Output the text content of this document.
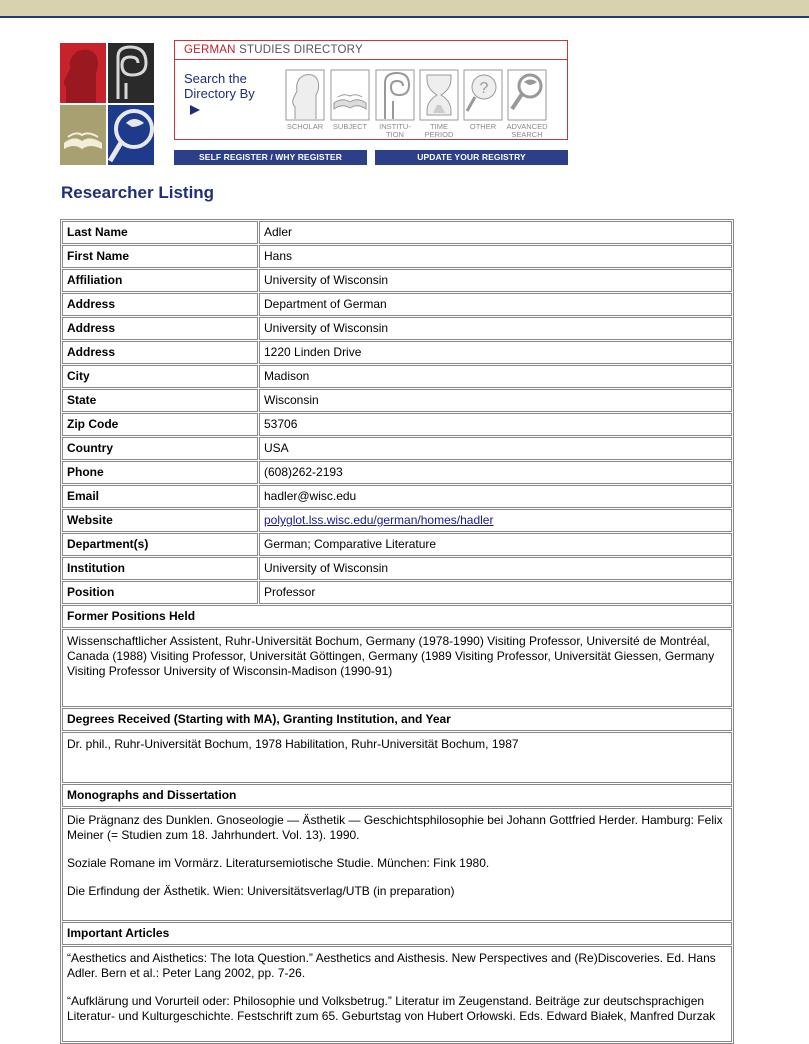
GERMAN STUDIES DIRECTORY
Search the Directory By
SCHOLAR	SUBJECT	INSTITU-
TION
TIME
PERIOD
?
OTHER	ADVANCED
SEARCH
SELF REGISTER / WHY REGISTER	UPDATE YOUR REGISTRY
Researcher Listing
Last Name	Adler
First Name	Hans
Affiliation	University of Wisconsin
Address	Department of German
Address	University of Wisconsin
Address	1220 Linden Drive
City	Madison
State	Wisconsin
Zip Code	53706
Country	USA
Phone	(608)262-2193
Email	hadler@wisc.edu
Website	polyglot.lss.wisc.edu/german/homes/hadler
Department(s)	German; Comparative Literature
Institution	University of Wisconsin
Position	Professor
Former Positions Held	

Wissenschaftlicher Assistent, Ruhr-Universität Bochum, Germany (1978-1990) Visiting Professor, Université de Montréal, Canada (1988) Visiting Professor, Universität Göttingen, Germany (1989 Visiting Professor, Universität Giessen, Germany Visiting Professor University of Wisconsin-Madison (1990-91)	

Degrees Received (Starting with MA), Granting Institution, and Year	

Dr. phil., Ruhr-Universität Bochum, 1978 Habilitation, Ruhr-Universität Bochum, 1987	

Monographs and Dissertation	

Die Prägnanz des Dunklen. Gnoseologie — Ästhetik — Geschichtsphilosophie bei Johann Gottfried Herder. Hamburg: Felix Meiner (= Studien zum 18. Jahrhundert. Vol. 13). 1990.

Soziale Romane im Vormärz. Literatursemiotische Studie. München: Fink 1980.

Die Erfindung der Ästhetik. Wien: Universitätsverlag/UTB (in preparation)	

Important Articles	

“Aesthetics and Aisthetics: The Iota Question.” Aesthetics and Aisthesis. New Perspectives and (Re)Discoveries. Ed. Hans Adler. Bern et al.: Peter Lang 2002, pp. 7-26.

“Aufklärung und Vorurteil oder: Philosophie und Volksbetrug.” Literatur im Zeugenstand. Beiträge zur deutschsprachigen Literatur- und Kulturgeschichte. Festschrift zum 65. Geburtstag von Hubert Orłowski. Eds. Edward Białek, Manfred Durzak	
